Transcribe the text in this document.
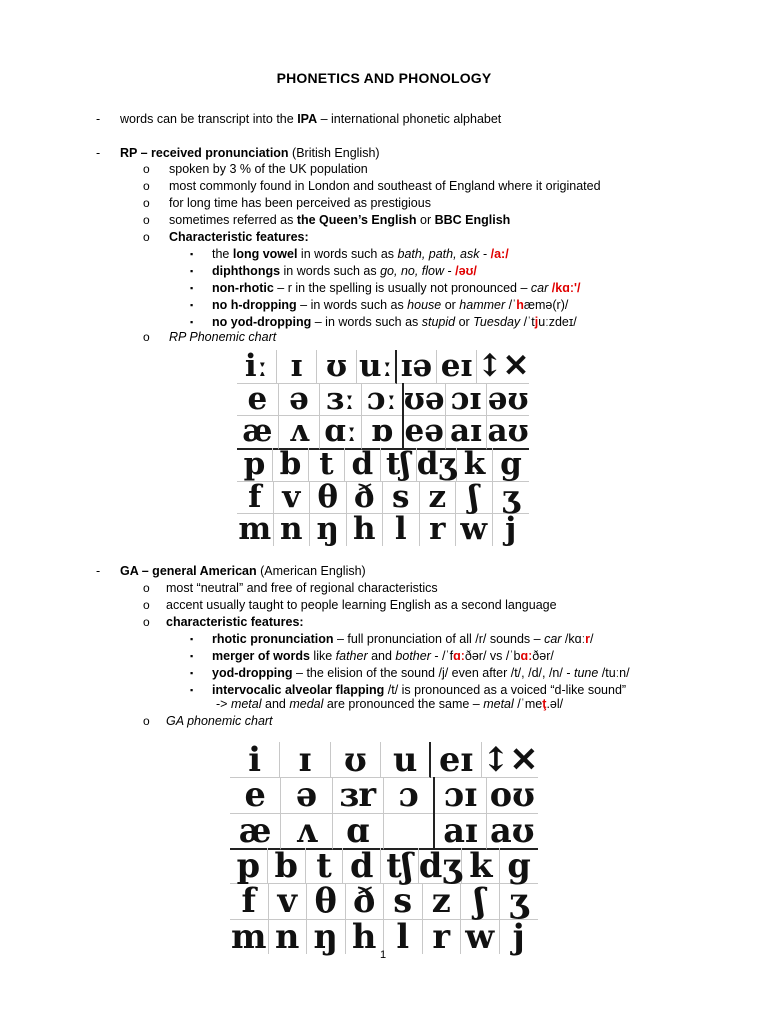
PHONETICS AND PHONOLOGY
- words can be transcript into the IPA – international phonetic alphabet
- RP – received pronunciation (British English)
o spoken by 3 % of the UK population
o most commonly found in London and southeast of England where it originated
o for long time has been perceived as prestigious
o sometimes referred as the Queen’s English or BBC English
o Characteristic features:
▪ the long vowel in words such as bath, path, ask - /a:/
▪ diphthongs in words such as go, no, flow - /əʊ/
▪ non-rhotic – r in the spelling is usually not pronounced – car /kɑː'/
▪ no h-dropping – in words such as house or hammer /ˈhæmə(r)/
▪ no yod-dropping – in words such as stupid or Tuesday /ˈtjuːzdeɪ/
o RP Phonemic chart
iː ɪ ʊ uː ɪə eɪ ↕✕
e ə ɜː ɔː ʊə ɔɪ əʊ
æ ʌ ɑː ɒ eə aɪ aʊ
p b t d tʃ dʒ k g
f v θ ð s z ʃ ʒ
m n ŋ h l r w j
- GA – general American (American English)
o most “neutral” and free of regional characteristics
o accent usually taught to people learning English as a second language
o characteristic features:
▪ rhotic pronunciation – full pronunciation of all /r/ sounds – car /kɑːr/
▪ merger of words like father and bother - /ˈfɑːðər/ vs /ˈbɑːðər/
▪ yod-dropping – the elision of the sound /j/ even after /t/, /d/, /n/ - tune /tuːn/
▪ intervocalic alveolar flapping /t/ is pronounced as a voiced “d-like sound”
-> metal and medal are pronounced the same – metal /ˈmeţ.əl/
o GA phonemic chart
i	ɪ ʊ u eɪ ↕✕
e ə ɜr ɔ ɔɪ oʊ
æ ʌ ɑ	aɪ aʊ
p b t d tʃ dʒ k g
f v θ ð s z ʃ ʒ
m n ŋ h l r w j
1
